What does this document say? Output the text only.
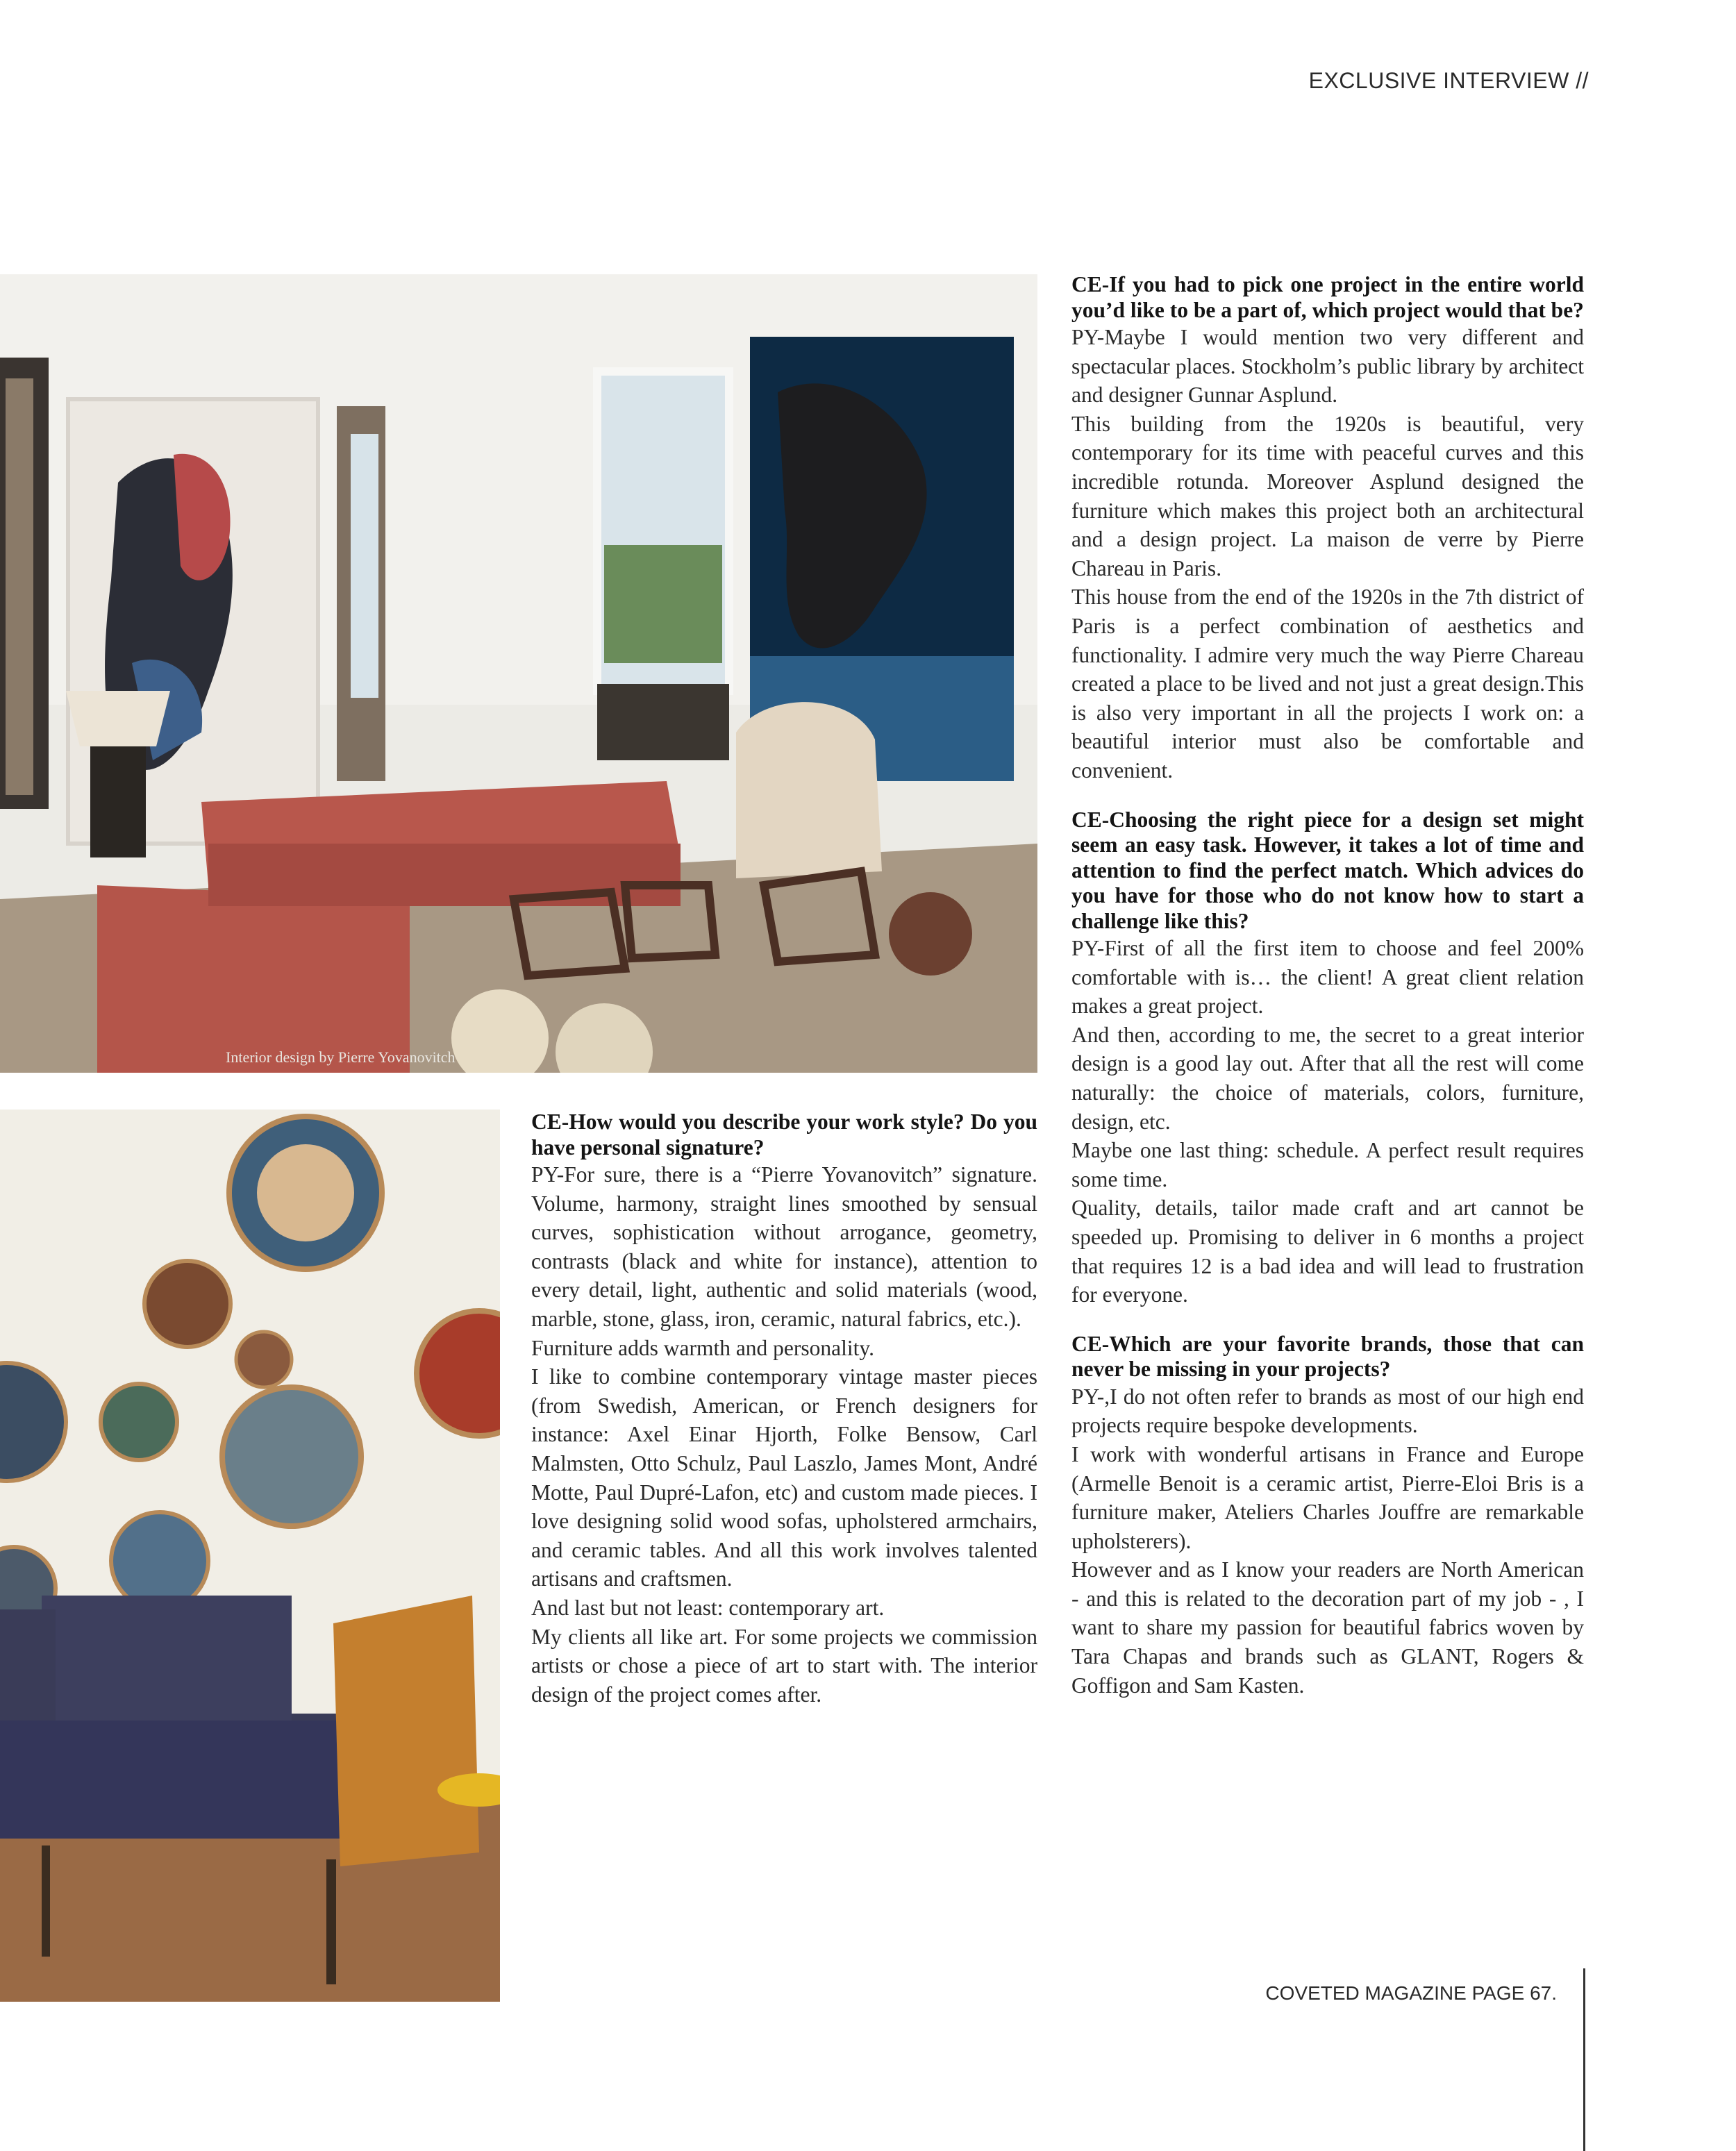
EXCLUSIVE INTERVIEW //
Interior design by Pierre Yovanovitch

CE-If you had to pick one project in the entire world you’d like to be a part of, which project would that be?

PY-Maybe I would mention two very different and spectacular places. Stockholm’s public library by architect and designer Gunnar Asplund.

This building from the 1920s is beautiful, very contemporary for its time with peaceful curves and this incredible rotunda. Moreover Asplund designed the furniture which makes this project both an architectural and a design project. La maison de verre by Pierre Chareau in Paris.

This house from the end of the 1920s in the 7th district of Paris is a perfect combination of aesthetics and functionality. I admire very much the way Pierre Chareau created a place to be lived and not just a great design.This is also very important in all the projects I work on: a beautiful interior must also be comfortable and convenient.

CE-Choosing the right piece for a design set might seem an easy task. However, it takes a lot of time and attention to find the perfect match. Which advices do you have for those who do not know how to start a challenge like this?

PY-First of all the first item to choose and feel 200% comfortable with is… the client! A great client relation makes a great project.

And then, according to me, the secret to a great interior design is a good lay out. After that all the rest will come naturally: the choice of materials, colors, furniture, design, etc.

Maybe one last thing: schedule. A perfect result requires some time.

Quality, details, tailor made craft and art cannot be speeded up. Promising to deliver in 6 months a project that requires 12 is a bad idea and will lead to frustration for everyone.

CE-Which are your favorite brands, those that can never be missing in your projects?

PY-,I do not often refer to brands as most of our high end projects require bespoke developments.

I work with wonderful artisans in France and Europe (Armelle Benoit is a ceramic artist, Pierre-Eloi Bris is a furniture maker, Ateliers Charles Jouffre are remarkable upholsterers).

However and as I know your readers are North American - and this is related to the decoration part of my job - , I want to share my passion for beautiful fabrics woven by Tara Chapas and brands such as GLANT, Rogers & Goffigon and Sam Kasten.

CE-How would you describe your work style? Do you have personal signature?

PY-For sure, there is a “Pierre Yovanovitch” signature. Volume, harmony, straight lines smoothed by sensual curves, sophistication without arrogance, geometry, contrasts (black and white for instance), attention to every detail, light, authentic and solid materials (wood, marble, stone, glass, iron, ceramic, natural fabrics, etc.).

Furniture adds warmth and personality.

I like to combine contemporary vintage master pieces (from Swedish, American, or French designers for instance: Axel Einar Hjorth, Folke Bensow, Carl Malmsten, Otto Schulz, Paul Laszlo, James Mont, André Motte, Paul Dupré-Lafon, etc) and custom made pieces. I love designing solid wood sofas, upholstered armchairs, and ceramic tables. And all this work involves talented artisans and craftsmen.

And last but not least: contemporary art.

My clients all like art. For some projects we commission artists or chose a piece of art to start with. The interior design of the project comes after.

COVETED MAGAZINE PAGE 67.
